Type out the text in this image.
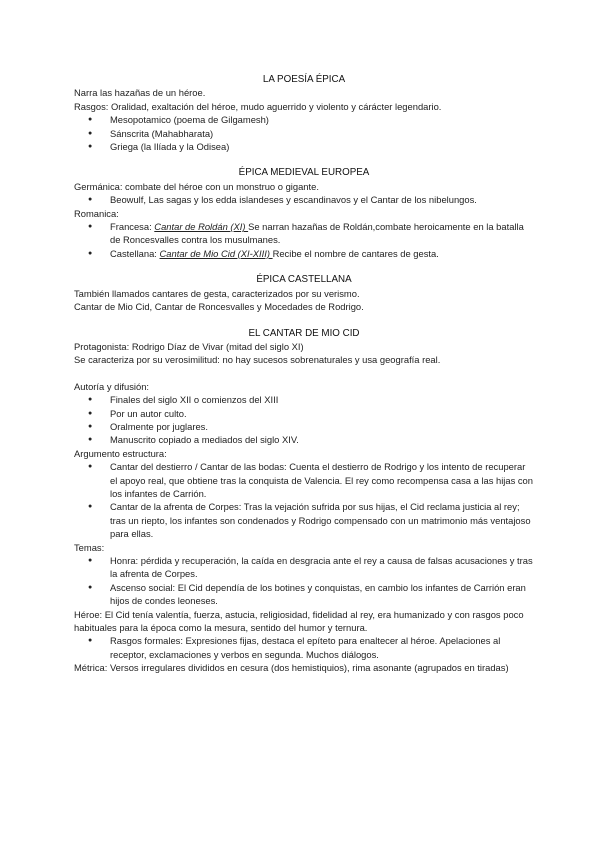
LA POESÍA ÉPICA

Narra las hazañas de un héroe.

Rasgos: Oralidad, exaltación del héroe, mudo aguerrido y violento y cárácter legendario.

● Mesopotamico (poema de Gilgamesh)
● Sánscrita (Mahabharata)
● Griega (la Ilíada y la Odisea)
ÉPICA MEDIEVAL EUROPEA

Germánica: combate del héroe con un monstruo o gigante.

● Beowulf, Las sagas y los edda islandeses y escandinavos y el Cantar de los nibelungos.

Romanica:

● Francesa: Cantar de Roldán (XI) Se narran hazañas de Roldán,combate heroicamente en la batalla de Roncesvalles contra los musulmanes.
● Castellana: Cantar de Mio Cid (XI-XIII) Recibe el nombre de cantares de gesta.
ÉPICA CASTELLANA

También llamados cantares de gesta, caracterizados por su verismo.

Cantar de Mio Cid, Cantar de Roncesvalles y Mocedades de Rodrigo.

EL CANTAR DE MIO CID

Protagonista: Rodrigo Díaz de Vivar (mitad del siglo XI)

Se caracteriza por su verosimilitud: no hay sucesos sobrenaturales y usa geografía real.

Autoría y difusión:

● Finales del siglo XII o comienzos del XIII
● Por un autor culto.
● Oralmente por juglares.
● Manuscrito copiado a mediados del siglo XIV.

Argumento estructura:

● Cantar del destierro / Cantar de las bodas: Cuenta el destierro de Rodrigo y los intento de recuperar el apoyo real, que obtiene tras la conquista de Valencia. El rey como recompensa casa a las hijas con los infantes de Carrión.
● Cantar de la afrenta de Corpes: Tras la vejación sufrida por sus hijas, el Cid reclama justicia al rey; tras un riepto, los infantes son condenados y Rodrigo compensado con un matrimonio más ventajoso para ellas.

Temas:

● Honra: pérdida y recuperación, la caída en desgracia ante el rey a causa de falsas acusaciones y tras la afrenta de Corpes.
● Ascenso social: El Cid dependía de los botines y conquistas, en cambio los infantes de Carrión eran hijos de condes leoneses.

Héroe: El Cid tenía valentía, fuerza, astucia, religiosidad, fidelidad al rey, era humanizado y con rasgos poco habituales para la época como la mesura, sentido del humor y ternura.

● Rasgos formales: Expresiones fijas, destaca el epíteto para enaltecer al héroe. Apelaciones al receptor, exclamaciones y verbos en segunda. Muchos diálogos.

Métrica: Versos irregulares divididos en cesura (dos hemistiquios), rima asonante (agrupados en tiradas)
